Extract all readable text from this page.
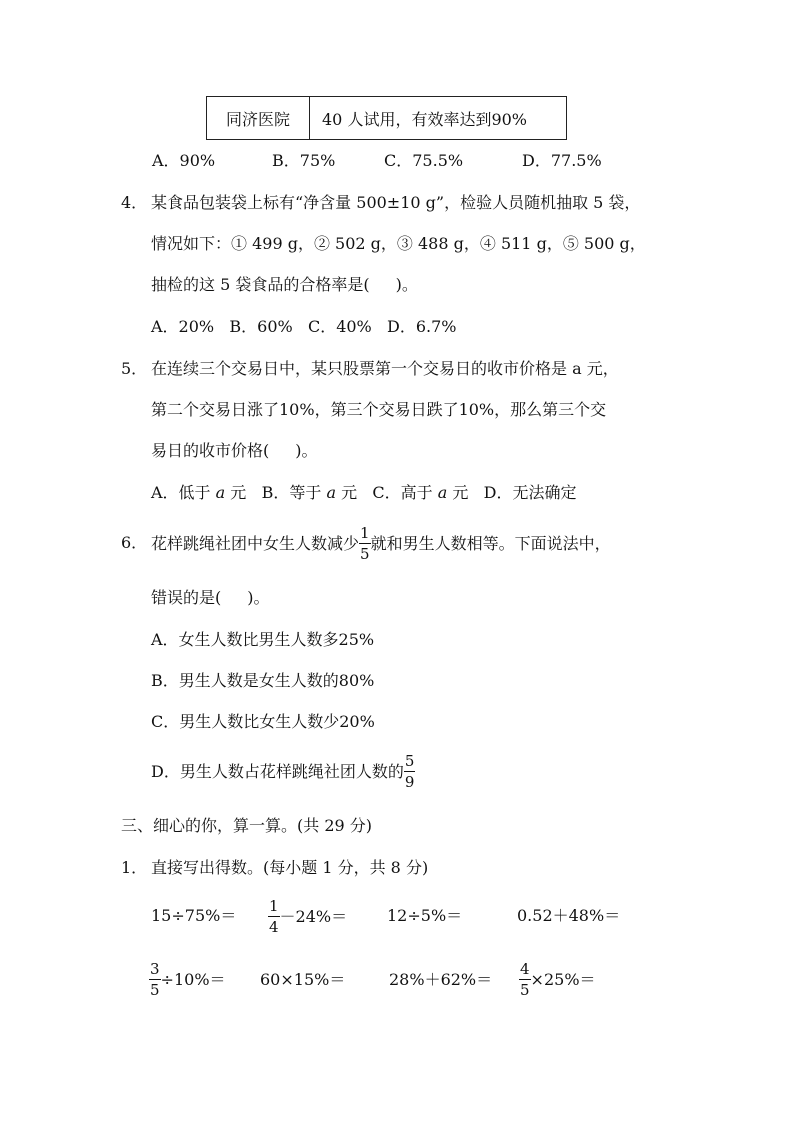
同济医院	40 人试用，有效率达到90%
A．90%	B．75%	C．75.5%	D．77.5%
4． 某食品包装袋上标有“净含量 500±10 g”，检验人员随机抽取 5 袋，
情况如下：① 499 g，② 502 g，③ 488 g，④ 511 g，⑤ 500 g，
抽检的这 5 袋食品的合格率是( )。
A．20%   B．60%   C．40%   D．6.7%
5． 在连续三个交易日中，某只股票第一个交易日的收市价格是 a 元，
第二个交易日涨了10%，第三个交易日跌了10%，那么第三个交
易日的收市价格( )。
A．低于 a 元 B．等于 a 元 C．高于 a 元 D．无法确定
6． 花样跳绳社团中女生人数减少 $\frac{1}{5}$ 就和男生人数相等。下面说法中，
错误的是( )。
A．女生人数比男生人数多25%
B．男生人数是女生人数的80%
C．男生人数比女生人数少20%
D．男生人数占花样跳绳社团人数的 $\frac{5}{9}$
三、细心的你，算一算。(共 29 分)
1． 直接写出得数。(每小题 1 分，共 8 分)
$15\div 75\%= \frac{1}{4} -24\%= 12\div 5\%=$	0.52＋48%＝
$\frac{3}{5} \div 10\%= 60\times 15\%=$	$28\%+62\%= \frac{4}{5} \times 25\%=$
